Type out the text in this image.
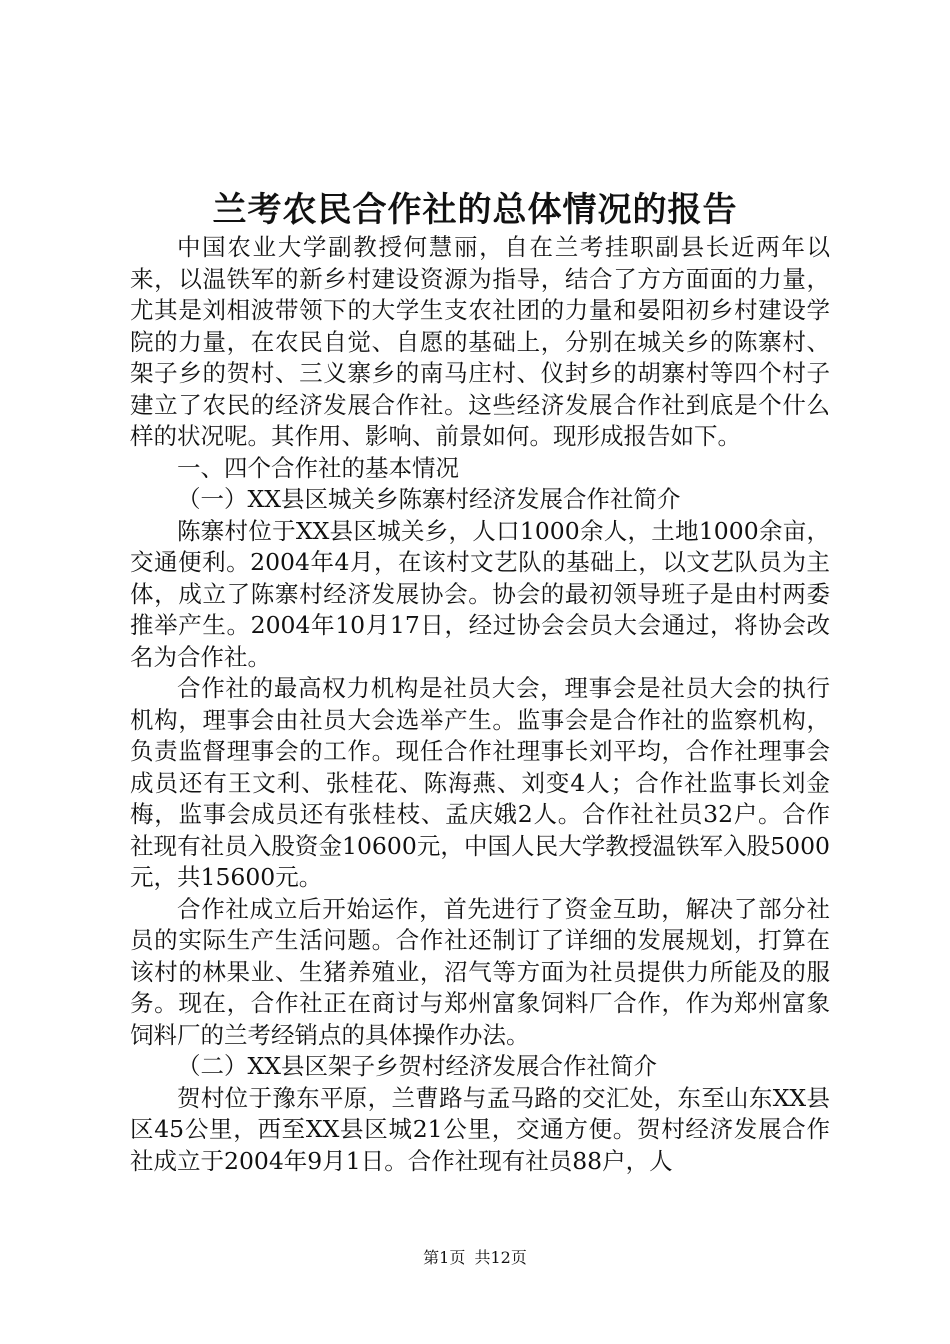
兰考农民合作社的总体情况的报告

中国农业大学副教授何慧丽，自在兰考挂职副县长近两年以来，以温铁军的新乡村建设资源为指导，结合了方方面面的力量，尤其是刘相波带领下的大学生支农社团的力量和晏阳初乡村建设学院的力量，在农民自觉、自愿的基础上，分别在城关乡的陈寨村、架子乡的贺村、三义寨乡的南马庄村、仪封乡的胡寨村等四个村子建立了农民的经济发展合作社。这些经济发展合作社到底是个什么样的状况呢。其作用、影响、前景如何。现形成报告如下。

一、四个合作社的基本情况

（一）XX县区城关乡陈寨村经济发展合作社简介

陈寨村位于XX县区城关乡，人口1000余人，土地1000余亩，交通便利。2004年4月，在该村文艺队的基础上，以文艺队员为主体，成立了陈寨村经济发展协会。协会的最初领导班子是由村两委推举产生。2004年10月17日，经过协会会员大会通过，将协会改名为合作社。

合作社的最高权力机构是社员大会，理事会是社员大会的执行机构，理事会由社员大会选举产生。监事会是合作社的监察机构，负责监督理事会的工作。现任合作社理事长刘平均，合作社理事会成员还有王文利、张桂花、陈海燕、刘变4人；合作社监事长刘金梅，监事会成员还有张桂枝、孟庆娥2人。合作社社员32户。合作社现有社员入股资金10600元，中国人民大学教授温铁军入股5000元，共15600元。

合作社成立后开始运作，首先进行了资金互助，解决了部分社员的实际生产生活问题。合作社还制订了详细的发展规划，打算在该村的林果业、生猪养殖业，沼气等方面为社员提供力所能及的服务。现在，合作社正在商讨与郑州富象饲料厂合作，作为郑州富象饲料厂的兰考经销点的具体操作办法。

（二）XX县区架子乡贺村经济发展合作社简介

贺村位于豫东平原，兰曹路与孟马路的交汇处，东至山东XX县区45公里，西至XX县区城21公里，交通方便。贺村经济发展合作社成立于2004年9月1日。合作社现有社员88户，人

第1页 共12页
